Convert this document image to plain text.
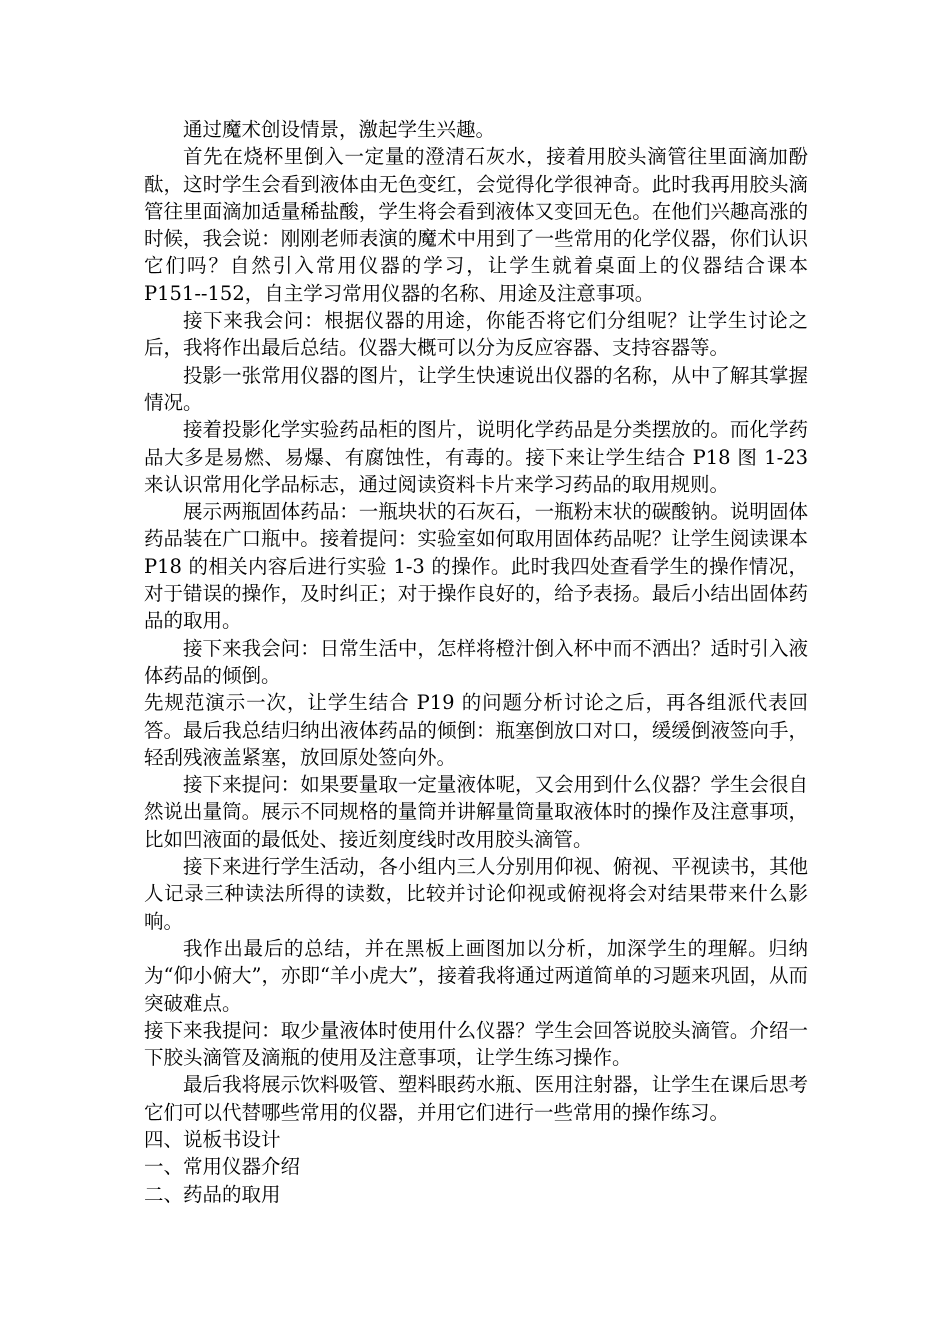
通过魔术创设情景，激起学生兴趣。

首先在烧杯里倒入一定量的澄清石灰水，接着用胶头滴管往里面滴加酚酞，这时学生会看到液体由无色变红，会觉得化学很神奇。此时我再用胶头滴管往里面滴加适量稀盐酸，学生将会看到液体又变回无色。在他们兴趣高涨的时候，我会说：刚刚老师表演的魔术中用到了一些常用的化学仪器，你们认识它们吗？自然引入常用仪器的学习，让学生就着桌面上的仪器结合课本 P151--152，自主学习常用仪器的名称、用途及注意事项。

接下来我会问：根据仪器的用途，你能否将它们分组呢？让学生讨论之后，我将作出最后总结。仪器大概可以分为反应容器、支持容器等。

投影一张常用仪器的图片，让学生快速说出仪器的名称，从中了解其掌握情况。

接着投影化学实验药品柜的图片，说明化学药品是分类摆放的。而化学药品大多是易燃、易爆、有腐蚀性，有毒的。接下来让学生结合 P18 图 1-23 来认识常用化学品标志，通过阅读资料卡片来学习药品的取用规则。

展示两瓶固体药品：一瓶块状的石灰石，一瓶粉末状的碳酸钠。说明固体药品装在广口瓶中。接着提问：实验室如何取用固体药品呢？让学生阅读课本 P18 的相关内容后进行实验 1-3 的操作。此时我四处查看学生的操作情况，对于错误的操作，及时纠正；对于操作良好的，给予表扬。最后小结出固体药品的取用。

接下来我会问：日常生活中，怎样将橙汁倒入杯中而不洒出？适时引入液体药品的倾倒。

先规范演示一次，让学生结合 P19 的问题分析讨论之后，再各组派代表回答。最后我总结归纳出液体药品的倾倒：瓶塞倒放口对口，缓缓倒液签向手，轻刮残液盖紧塞，放回原处签向外。

接下来提问：如果要量取一定量液体呢，又会用到什么仪器？学生会很自然说出量筒。展示不同规格的量筒并讲解量筒量取液体时的操作及注意事项，比如凹液面的最低处、接近刻度线时改用胶头滴管。

接下来进行学生活动，各小组内三人分别用仰视、俯视、平视读书，其他人记录三种读法所得的读数，比较并讨论仰视或俯视将会对结果带来什么影响。

我作出最后的总结，并在黑板上画图加以分析，加深学生的理解。归纳为“仰小俯大”，亦即“羊小虎大”，接着我将通过两道简单的习题来巩固，从而突破难点。

接下来我提问：取少量液体时使用什么仪器？学生会回答说胶头滴管。介绍一下胶头滴管及滴瓶的使用及注意事项，让学生练习操作。

最后我将展示饮料吸管、塑料眼药水瓶、医用注射器，让学生在课后思考它们可以代替哪些常用的仪器，并用它们进行一些常用的操作练习。

四、说板书设计

一、常用仪器介绍

二、药品的取用
